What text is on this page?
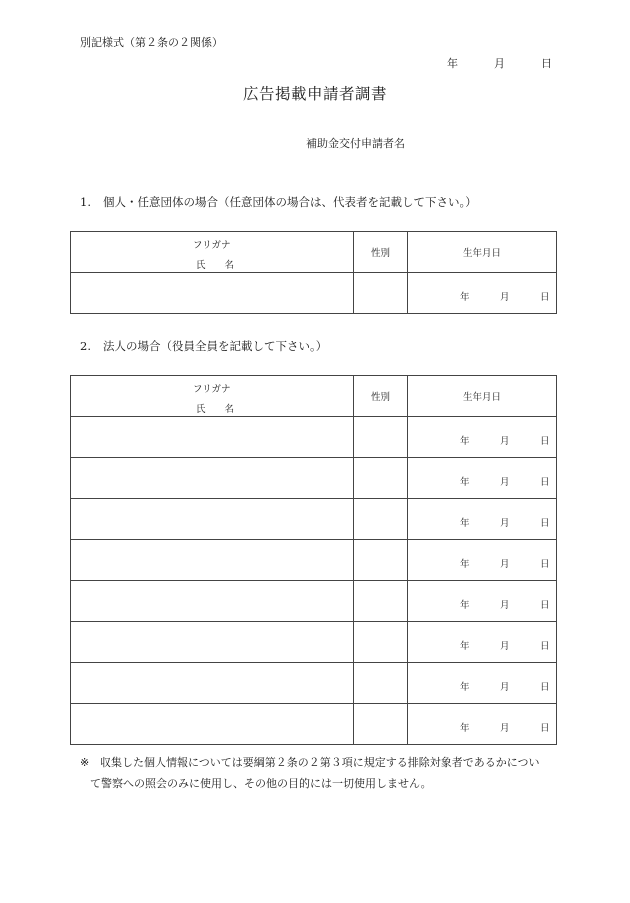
別記様式（第２条の２関係）
年	月	日
広告掲載申請者調書
補助金交付申請者名
1. 個人・任意団体の場合（任意団体の場合は、代表者を記載して下さい。）
フリガナ
氏　　名	性別	生年月日

		年 月 日
2. 法人の場合（役員全員を記載して下さい。）
フリガナ
氏　　名	性別	生年月日

		年 月 日

		年 月 日

		年 月 日

		年 月 日

		年 月 日

		年 月 日

		年 月 日

		年 月 日
※ 収集した個人情報については要綱第２条の２第３項に規定する排除対象者であるかについ
て警察への照会のみに使用し、その他の目的には一切使用しません。
